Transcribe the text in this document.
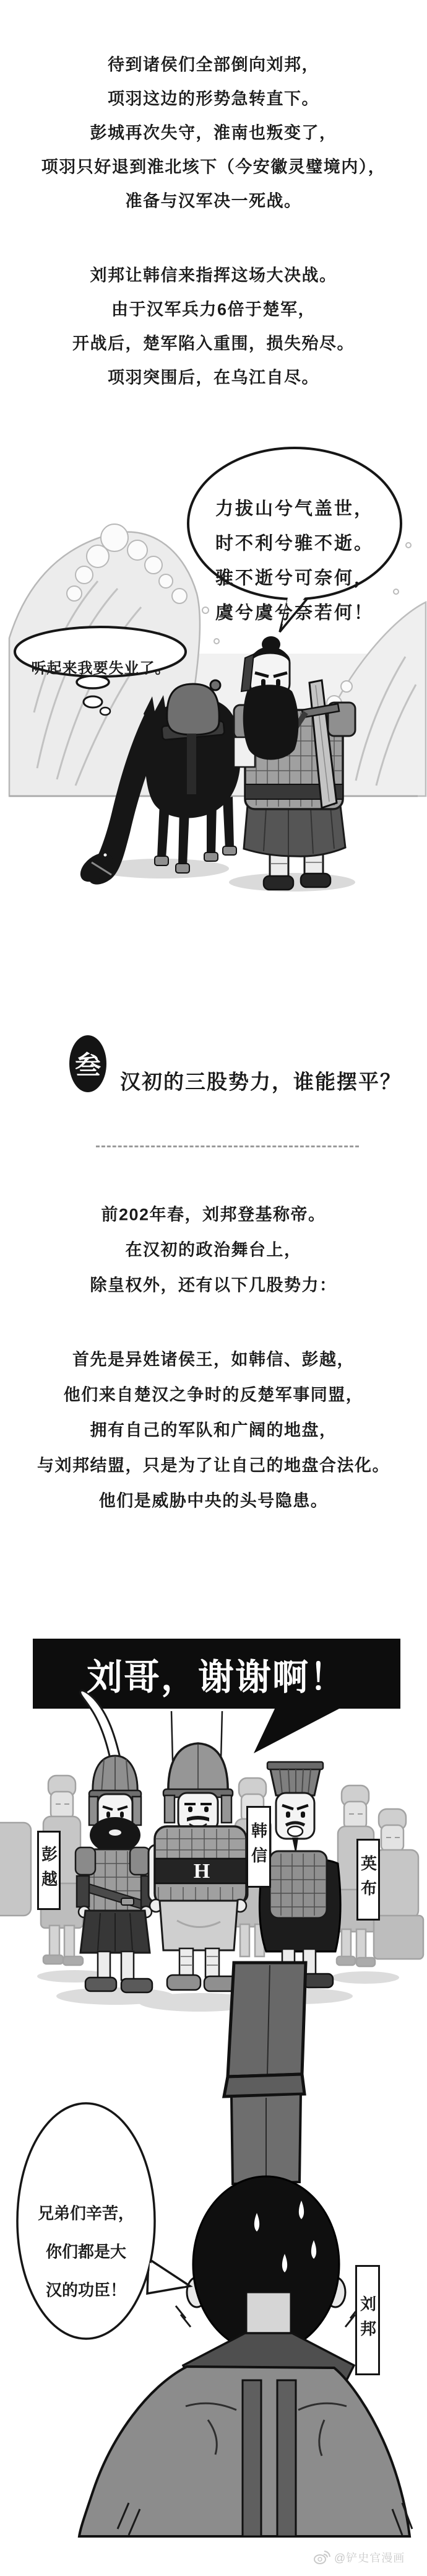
待到诸侯们全部倒向刘邦，

项羽这边的形势急转直下。

彭城再次失守，淮南也叛变了，

项羽只好退到淮北垓下（今安徽灵璧境内），

准备与汉军决一死战。

刘邦让韩信来指挥这场大决战。

由于汉军兵力6倍于楚军，

开战后，楚军陷入重围，损失殆尽。

项羽突围后，在乌江自尽。

力拔山兮气盖世，

时不利兮骓不逝。

骓不逝兮可奈何，

虞兮虞兮奈若何！

听起来我要失业了。

叁
汉初的三股势力，谁能摆平？

前202年春，刘邦登基称帝。

在汉初的政治舞台上，

除皇权外，还有以下几股势力：

首先是异姓诸侯王，如韩信、彭越，

他们来自楚汉之争时的反楚军事同盟，

拥有自己的军队和广阔的地盘，

与刘邦结盟，只是为了让自己的地盘合法化。

他们是威胁中央的头号隐患。

刘哥，谢谢啊！
彭越	韩信
英布
H

兄弟们辛苦，

你们都是大

汉的功臣！

刘邦
@铲史官漫画
